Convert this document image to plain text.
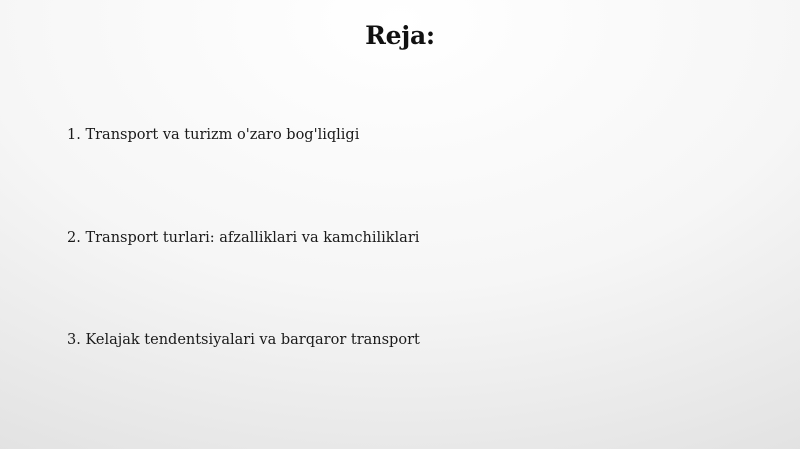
Reja:
1. Transport va turizm o'zaro bog'liqligi
2. Transport turlari: afzalliklari va kamchiliklari
3. Kelajak tendentsiyalari va barqaror transport
